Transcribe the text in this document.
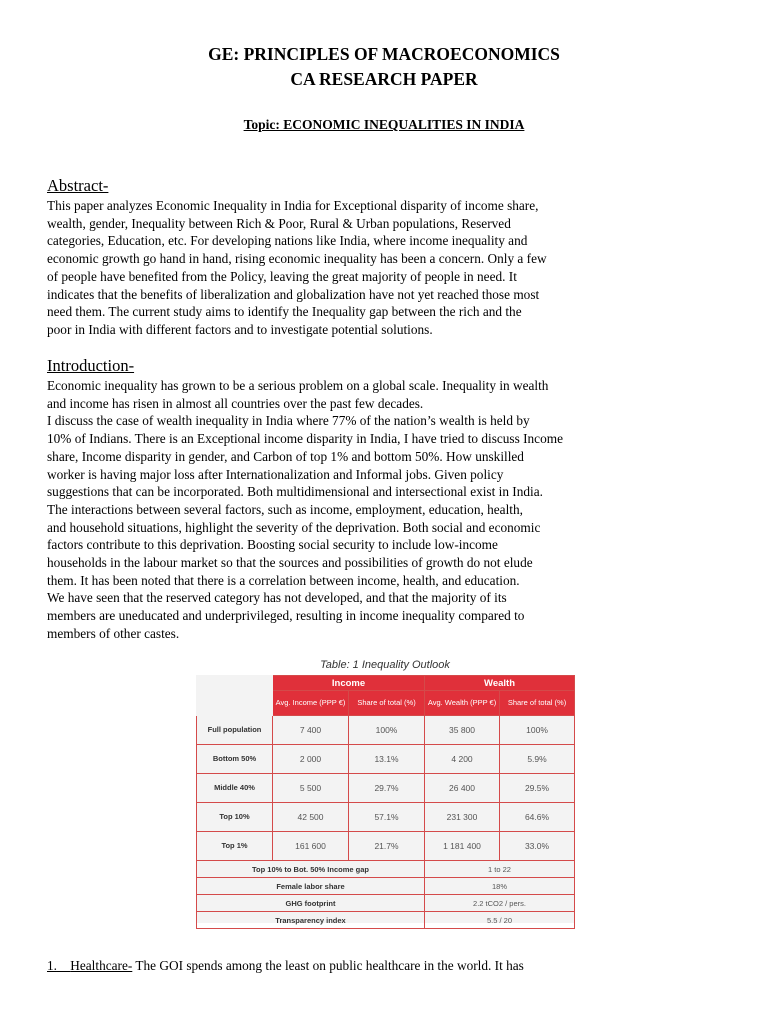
GE: PRINCIPLES OF MACROECONOMICS
CA RESEARCH PAPER
Topic: ECONOMIC INEQUALITIES IN INDIA
Abstract-
This paper analyzes Economic Inequality in India for Exceptional disparity of income share,
wealth, gender, Inequality between Rich & Poor, Rural & Urban populations, Reserved
categories, Education, etc. For developing nations like India, where income inequality and
economic growth go hand in hand, rising economic inequality has been a concern. Only a few
of people have benefited from the Policy, leaving the great majority of people in need. It
indicates that the benefits of liberalization and globalization have not yet reached those most
need them. The current study aims to identify the Inequality gap between the rich and the
poor in India with different factors and to investigate potential solutions.
Introduction-
Economic inequality has grown to be a serious problem on a global scale. Inequality in wealth
and income has risen in almost all countries over the past few decades.
I discuss the case of wealth inequality in India where 77% of the nation’s wealth is held by
10% of Indians. There is an Exceptional income disparity in India, I have tried to discuss Income
share, Income disparity in gender, and Carbon of top 1% and bottom 50%. How unskilled
worker is having major loss after Internationalization and Informal jobs. Given policy
suggestions that can be incorporated. Both multidimensional and intersectional exist in India.
The interactions between several factors, such as income, employment, education, health,
and household situations, highlight the severity of the deprivation. Both social and economic
factors contribute to this deprivation. Boosting social security to include low-income
households in the labour market so that the sources and possibilities of growth do not elude
them. It has been noted that there is a correlation between income, health, and education.
We have seen that the reserved category has not developed, and that the majority of its
members are uneducated and underprivileged, resulting in income inequality compared to
members of other castes.
Table: 1 Inequality Outlook
	Income		Wealth	
	Avg. Income (PPP €)	Share of total (%)	Avg. Wealth (PPP €)	Share of total (%)
Full population	7 400	100%	35 800	100%
Bottom 50%	2 000	13.1%	4 200	5.9%
Middle 40%	5 500	29.7%	26 400	29.5%
Top 10%	42 500	57.1%	231 300	64.6%
Top 1%	161 600	21.7%	1 181 400	33.0%
Top 10% to Bot. 50% Income gap			1 to 22	
Female labor share			18%	
GHG footprint			2.2 tCO2 / pers.	
Transparency index			5.5 / 20	
1. Healthcare- The GOI spends among the least on public healthcare in the world. It has
